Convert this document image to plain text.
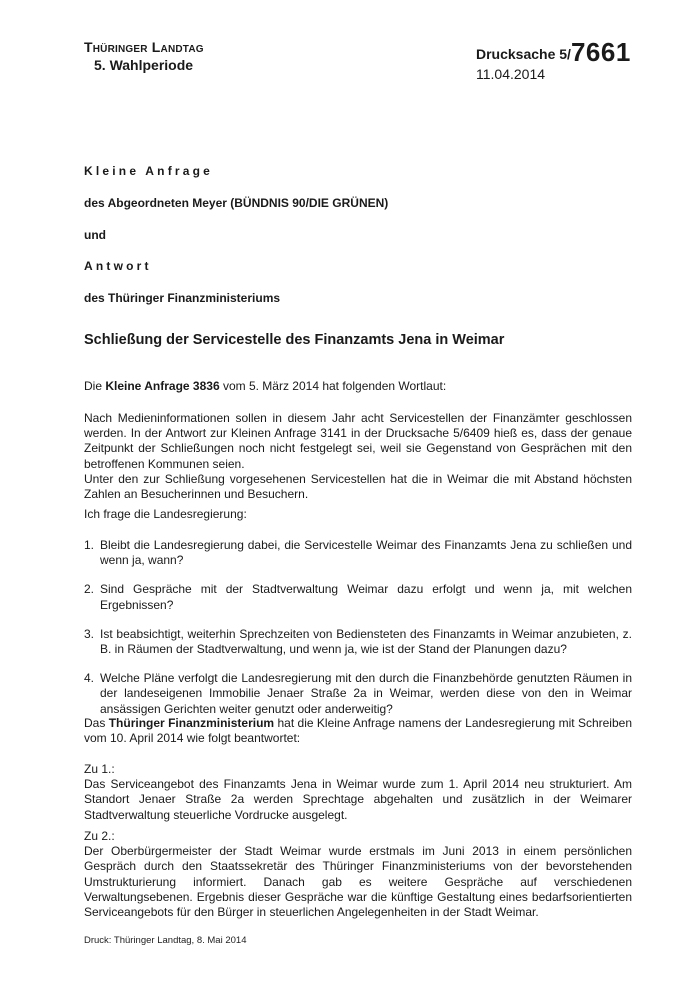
Thüringer Landtag
5. Wahlperiode
Drucksache 5/7661
11.04.2014
Kleine Anfrage
des Abgeordneten Meyer (BÜNDNIS 90/DIE GRÜNEN)
und
Antwort
des Thüringer Finanzministeriums
Schließung der Servicestelle des Finanzamts Jena in Weimar
Die Kleine Anfrage 3836 vom 5. März 2014 hat folgenden Wortlaut:

Nach Medieninformationen sollen in diesem Jahr acht Servicestellen der Finanzämter geschlossen werden. In der Antwort zur Kleinen Anfrage 3141 in der Drucksache 5/6409 hieß es, dass der genaue Zeitpunkt der Schließungen noch nicht festgelegt sei, weil sie Gegenstand von Gesprächen mit den betroffenen Kommunen seien.

Unter den zur Schließung vorgesehenen Servicestellen hat die in Weimar die mit Abstand höchsten Zahlen an Besucherinnen und Besuchern.

Ich frage die Landesregierung:
1. Bleibt die Landesregierung dabei, die Servicestelle Weimar des Finanzamts Jena zu schließen und wenn ja, wann?
2. Sind Gespräche mit der Stadtverwaltung Weimar dazu erfolgt und wenn ja, mit welchen Ergebnissen?
3. Ist beabsichtigt, weiterhin Sprechzeiten von Bediensteten des Finanzamts in Weimar anzubieten, z. B. in Räumen der Stadtverwaltung, und wenn ja, wie ist der Stand der Planungen dazu?
4. Welche Pläne verfolgt die Landesregierung mit den durch die Finanzbehörde genutzten Räumen in der landeseigenen Immobilie Jenaer Straße 2a in Weimar, werden diese von den in Weimar ansässigen Gerichten weiter genutzt oder anderweitig?
Das Thüringer Finanzministerium hat die Kleine Anfrage namens der Landesregierung mit Schreiben vom 10. April 2014 wie folgt beantwortet:

Zu 1.:

Das Serviceangebot des Finanzamts Jena in Weimar wurde zum 1. April 2014 neu strukturiert. Am Standort Jenaer Straße 2a werden Sprechtage abgehalten und zusätzlich in der Weimarer Stadtverwaltung steuerliche Vordrucke ausgelegt.

Zu 2.:

Der Oberbürgermeister der Stadt Weimar wurde erstmals im Juni 2013 in einem persönlichen Gespräch durch den Staatssekretär des Thüringer Finanzministeriums von der bevorstehenden Umstrukturierung informiert. Danach gab es weitere Gespräche auf verschiedenen Verwaltungsebenen. Ergebnis dieser Gespräche war die künftige Gestaltung eines bedarfsorientierten Serviceangebots für den Bürger in steuerlichen Angelegenheiten in der Stadt Weimar.

Druck: Thüringer Landtag, 8. Mai 2014
